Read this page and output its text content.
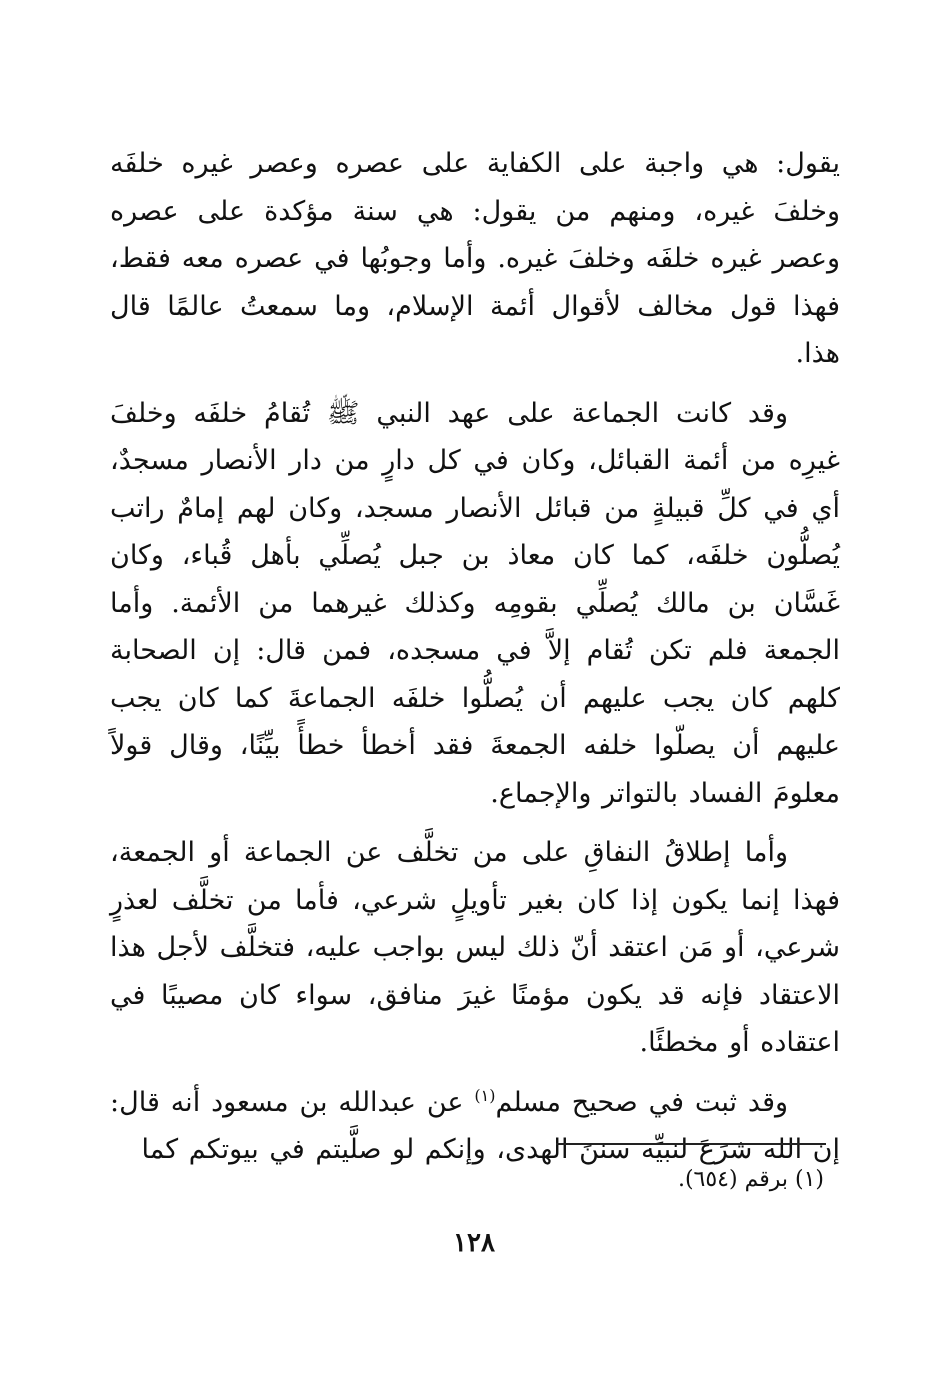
يقول: هي واجبة على الكفاية على عصره وعصر غيره خلفَه وخلفَ غيره، ومنهم من يقول: هي سنة مؤكدة على عصره وعصر غيره خلفَه وخلفَ غيره. وأما وجوبُها في عصره معه فقط، فهذا قول مخالف لأقوال أئمة الإسلام، وما سمعتُ عالمًا قال هذا.

وقد كانت الجماعة على عهد النبي ﷺ تُقامُ خلفَه وخلفَ غيرِه من أئمة القبائل، وكان في كل دارٍ من دار الأنصار مسجدٌ، أي في كلِّ قبيلةٍ من قبائل الأنصار مسجد، وكان لهم إمامٌ راتب يُصلُّون خلفَه، كما كان معاذ بن جبل يُصلِّي بأهل قُباء، وكان غَسَّان بن مالك يُصلِّي بقومِه وكذلك غيرهما من الأئمة. وأما الجمعة فلم تكن تُقام إلاَّ في مسجده، فمن قال: إن الصحابة كلهم كان يجب عليهم أن يُصلُّوا خلفَه الجماعةَ كما كان يجب عليهم أن يصلّوا خلفه الجمعةَ فقد أخطأ خطأً بيِّنًا، وقال قولاً معلومَ الفساد بالتواتر والإجماع.

وأما إطلاقُ النفاقِ على من تخلَّف عن الجماعة أو الجمعة، فهذا إنما يكون إذا كان بغير تأويلٍ شرعي، فأما من تخلَّف لعذرٍ شرعي، أو مَن اعتقد أنّ ذلك ليس بواجب عليه، فتخلَّف لأجل هذا الاعتقاد فإنه قد يكون مؤمنًا غيرَ منافق، سواء كان مصيبًا في اعتقاده أو مخطئًا.

وقد ثبت في صحيح مسلم$^{(١)}$ عن عبدالله بن مسعود أنه قال: إن الله شرَعَ لنبيِّه سننَ الهدى، وإنكم لو صلَّيتم في بيوتكم كما

(١) برقم (٦٥٤).
١٢٨
